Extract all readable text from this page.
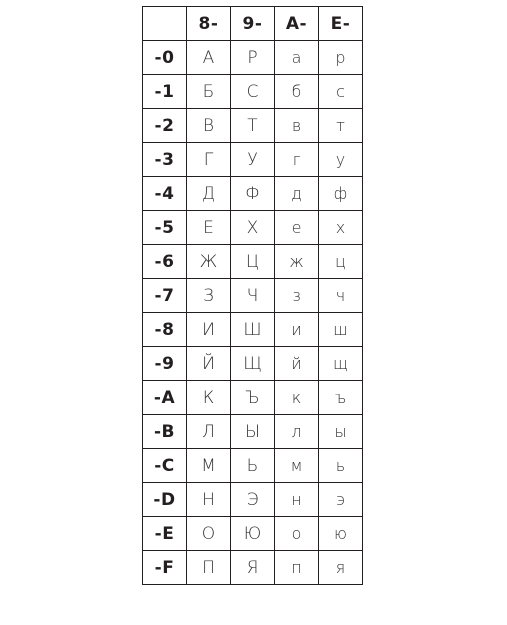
	8-	9-	A-	E-
-0	А	Р	а	р
-1	Б	С	б	с
-2	В	Т	в	т
-3	Г	У	г	у
-4	Д	Ф	д	ф
-5	Е	Х	е	х
-6	Ж	Ц	ж	ц
-7	З	Ч	з	ч
-8	И	Ш	и	ш
-9	Й	Щ	й	щ
-A	К	Ъ	к	ъ
-B	Л	Ы	л	ы
-C	М	Ь	м	ь
-D	Н	Э	н	э
-E	О	Ю	о	ю
-F	П	Я	п	я
